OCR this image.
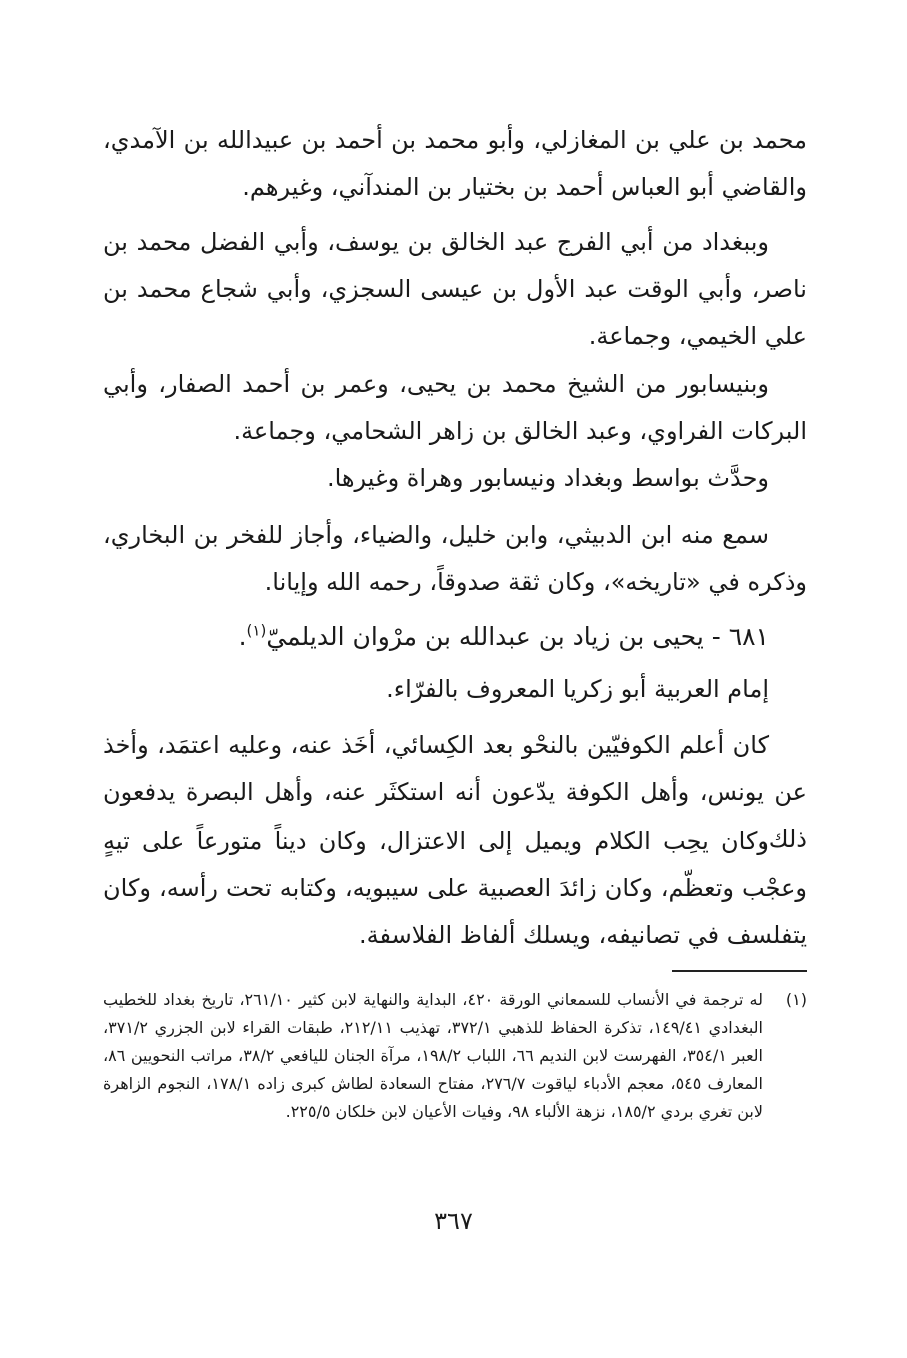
محمد بن علي بن المغازلي، وأبو محمد بن أحمد بن عبيدالله بن الآمدي، والقاضي أبو العباس أحمد بن بختيار بن المندآني، وغيرهم.

وببغداد من أبي الفرج عبد الخالق بن يوسف، وأبي الفضل محمد بن ناصر، وأبي الوقت عبد الأول بن عيسى السجزي، وأبي شجاع محمد بن علي الخيمي، وجماعة.

وبنيسابور من الشيخ محمد بن يحيى، وعمر بن أحمد الصفار، وأبي البركات الفراوي، وعبد الخالق بن زاهر الشحامي، وجماعة.

وحدَّث بواسط وبغداد ونيسابور وهراة وغيرها.

سمع منه ابن الدبيثي، وابن خليل، والضياء، وأجاز للفخر بن البخاري، وذكره في «تاريخه»، وكان ثقة صدوقاً، رحمه الله وإيانا.

٦٨١ - يحيى بن زياد بن عبدالله بن مرْوان الديلميّ$^{(١)}$.

إمام العربية أبو زكريا المعروف بالفرّاء.

كان أعلم الكوفيّين بالنحْو بعد الكِسائي، أخَذ عنه، وعليه اعتمَد، وأخذ عن يونس، وأهل الكوفة يدّعون أنه استكثَر عنه، وأهل البصرة يدفعون ذلك.

وكان يحِب الكلام ويميل إلى الاعتزال، وكان ديناً متورعاً على تيهٍ وعجْب وتعظّم، وكان زائدَ العصبية على سيبويه، وكتابه تحت رأسه، وكان يتفلسف في تصانيفه، ويسلك ألفاظ الفلاسفة.

(١)
له ترجمة في الأنساب للسمعاني الورقة ٤٢٠، البداية والنهاية لابن كثير ٢٦١/١٠، تاريخ بغداد للخطيب البغدادي ١٤٩/٤١، تذكرة الحفاظ للذهبي ٣٧٢/١، تهذيب ٢١٢/١١، طبقات القراء لابن الجزري ٣٧١/٢، العبر ٣٥٤/١، الفهرست لابن النديم ٦٦، اللباب ١٩٨/٢، مرآة الجنان لليافعي ٣٨/٢، مراتب النحويين ٨٦، المعارف ٥٤٥، معجم الأدباء لياقوت ٢٧٦/٧، مفتاح السعادة لطاش كبرى زاده ١٧٨/١، النجوم الزاهرة لابن تغري بردي ١٨٥/٢، نزهة الألباء ٩٨، وفيات الأعيان لابن خلكان ٢٢٥/٥.
٣٦٧
